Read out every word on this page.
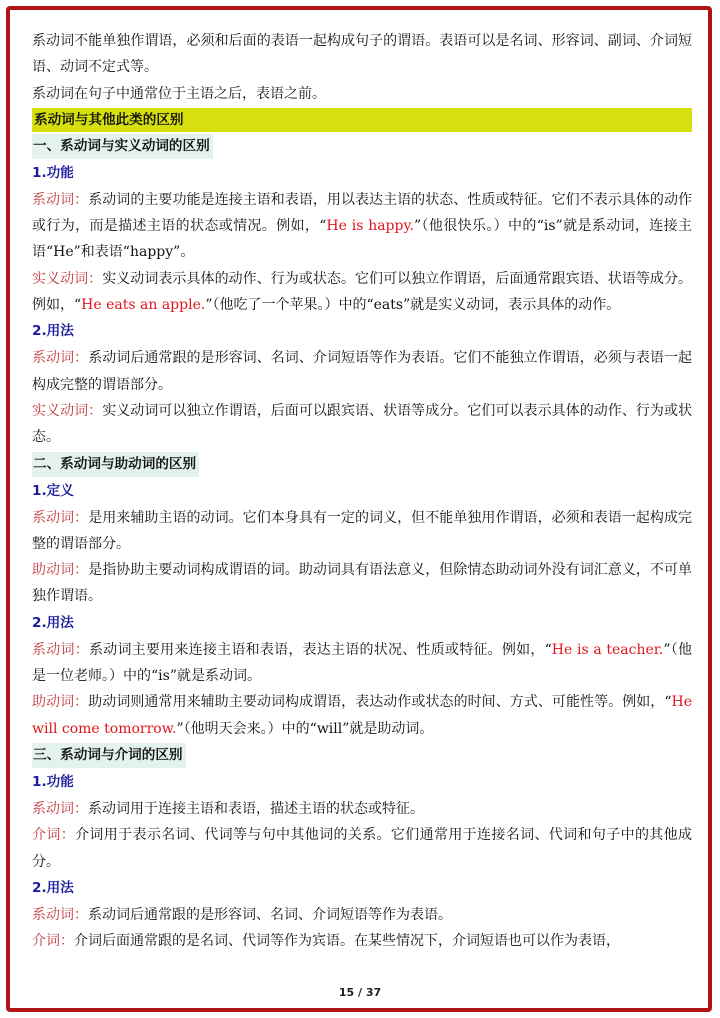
系动词不能单独作谓语，必须和后面的表语一起构成句子的谓语。表语可以是名词、形容词、副词、介词短语、动词不定式等。

系动词在句子中通常位于主语之后，表语之前。

系动词与其他此类的区别
一、系动词与实义动词的区别
1.功能

系动词：系动词的主要功能是连接主语和表语，用以表达主语的状态、性质或特征。它们不表示具体的动作或行为，而是描述主语的状态或情况。例如，“He is happy.”（他很快乐。）中的“is”就是系动词，连接主语“He”和表语“happy”。

实义动词：实义动词表示具体的动作、行为或状态。它们可以独立作谓语，后面通常跟宾语、状语等成分。例如，“He eats an apple.”（他吃了一个苹果。）中的“eats”就是实义动词，表示具体的动作。

2.用法

系动词：系动词后通常跟的是形容词、名词、介词短语等作为表语。它们不能独立作谓语，必须与表语一起构成完整的谓语部分。

实义动词：实义动词可以独立作谓语，后面可以跟宾语、状语等成分。它们可以表示具体的动作、行为或状态。

二、系动词与助动词的区别
1.定义

系动词：是用来辅助主语的动词。它们本身具有一定的词义，但不能单独用作谓语，必须和表语一起构成完整的谓语部分。

助动词：是指协助主要动词构成谓语的词。助动词具有语法意义，但除情态助动词外没有词汇意义，不可单独作谓语。

2.用法

系动词：系动词主要用来连接主语和表语，表达主语的状况、性质或特征。例如，“He is a teacher.”（他是一位老师。）中的“is”就是系动词。

助动词：助动词则通常用来辅助主要动词构成谓语，表达动作或状态的时间、方式、可能性等。例如，“He will come tomorrow.”（他明天会来。）中的“will”就是助动词。

三、系动词与介词的区别
1.功能

系动词：系动词用于连接主语和表语，描述主语的状态或特征。

介词：介词用于表示名词、代词等与句中其他词的关系。它们通常用于连接名词、代词和句子中的其他成分。

2.用法

系动词：系动词后通常跟的是形容词、名词、介词短语等作为表语。

介词：介词后面通常跟的是名词、代词等作为宾语。在某些情况下，介词短语也可以作为表语，

15 / 37
